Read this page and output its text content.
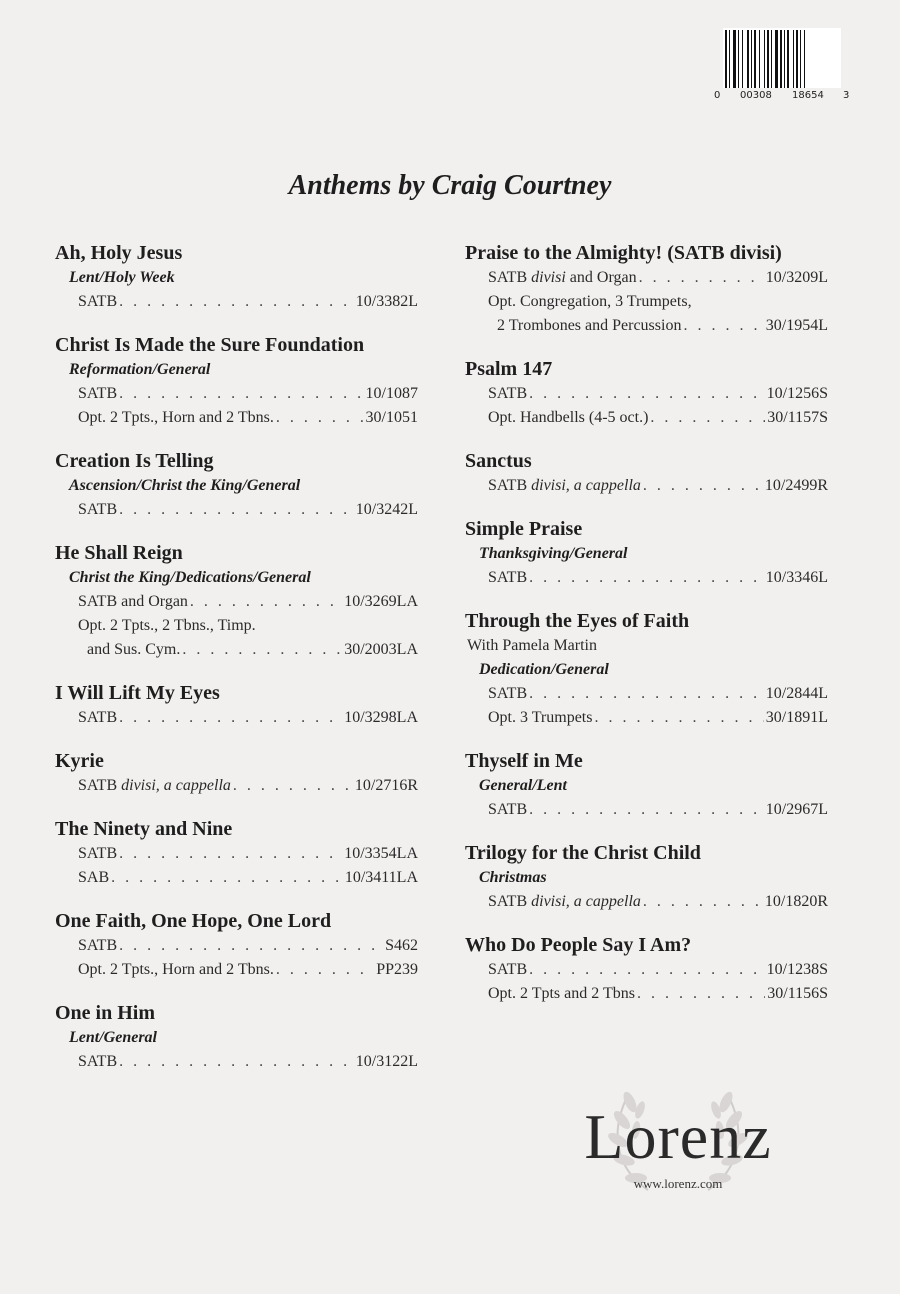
0 00308 18654 3
Anthems by Craig Courtney
Ah, Holy Jesus
Lent/Holy Week
SATB . . .	10/3382L
Christ Is Made the Sure Foundation
Reformation/General
SATB . . .	10/1087
Opt. 2 Tpts., Horn and 2 Tbns. . . .	30/1051
Creation Is Telling
Ascension/Christ the King/General
SATB . . .	10/3242L
He Shall Reign
Christ the King/Dedications/General
SATB and Organ . . .	10/3269LA
Opt. 2 Tpts., 2 Tbns., Timp.
and Sus. Cym. . . .	30/2003LA
I Will Lift My Eyes
SATB . . .	10/3298LA
Kyrie
SATB divisi, a cappella . . .	10/2716R
The Ninety and Nine
SATB . . .	10/3354LA
SAB . . .	10/3411LA
One Faith, One Hope, One Lord
SATB . . .	S462
Opt. 2 Tpts., Horn and 2 Tbns. . . .	PP239
One in Him
Lent/General
SATB . . .	10/3122L
Praise to the Almighty! (SATB divisi)
SATB divisi and Organ . . .	10/3209L
Opt. Congregation, 3 Trumpets,
2 Trombones and Percussion . . .	30/1954L
Psalm 147
SATB . . .	10/1256S
Opt. Handbells (4-5 oct.) . . .	30/1157S
Sanctus
SATB divisi, a cappella . . .	10/2499R
Simple Praise
Thanksgiving/General
SATB . . .	10/3346L
Through the Eyes of Faith
With Pamela Martin
Dedication/General
SATB . . .	10/2844L
Opt. 3 Trumpets . . .	30/1891L
Thyself in Me
General/Lent
SATB . . .	10/2967L
Trilogy for the Christ Child
Christmas
SATB divisi, a cappella . . .	10/1820R
Who Do People Say I Am?
SATB . . .	10/1238S
Opt. 2 Tpts and 2 Tbns . . .	30/1156S
Lorenz
www.lorenz.com
